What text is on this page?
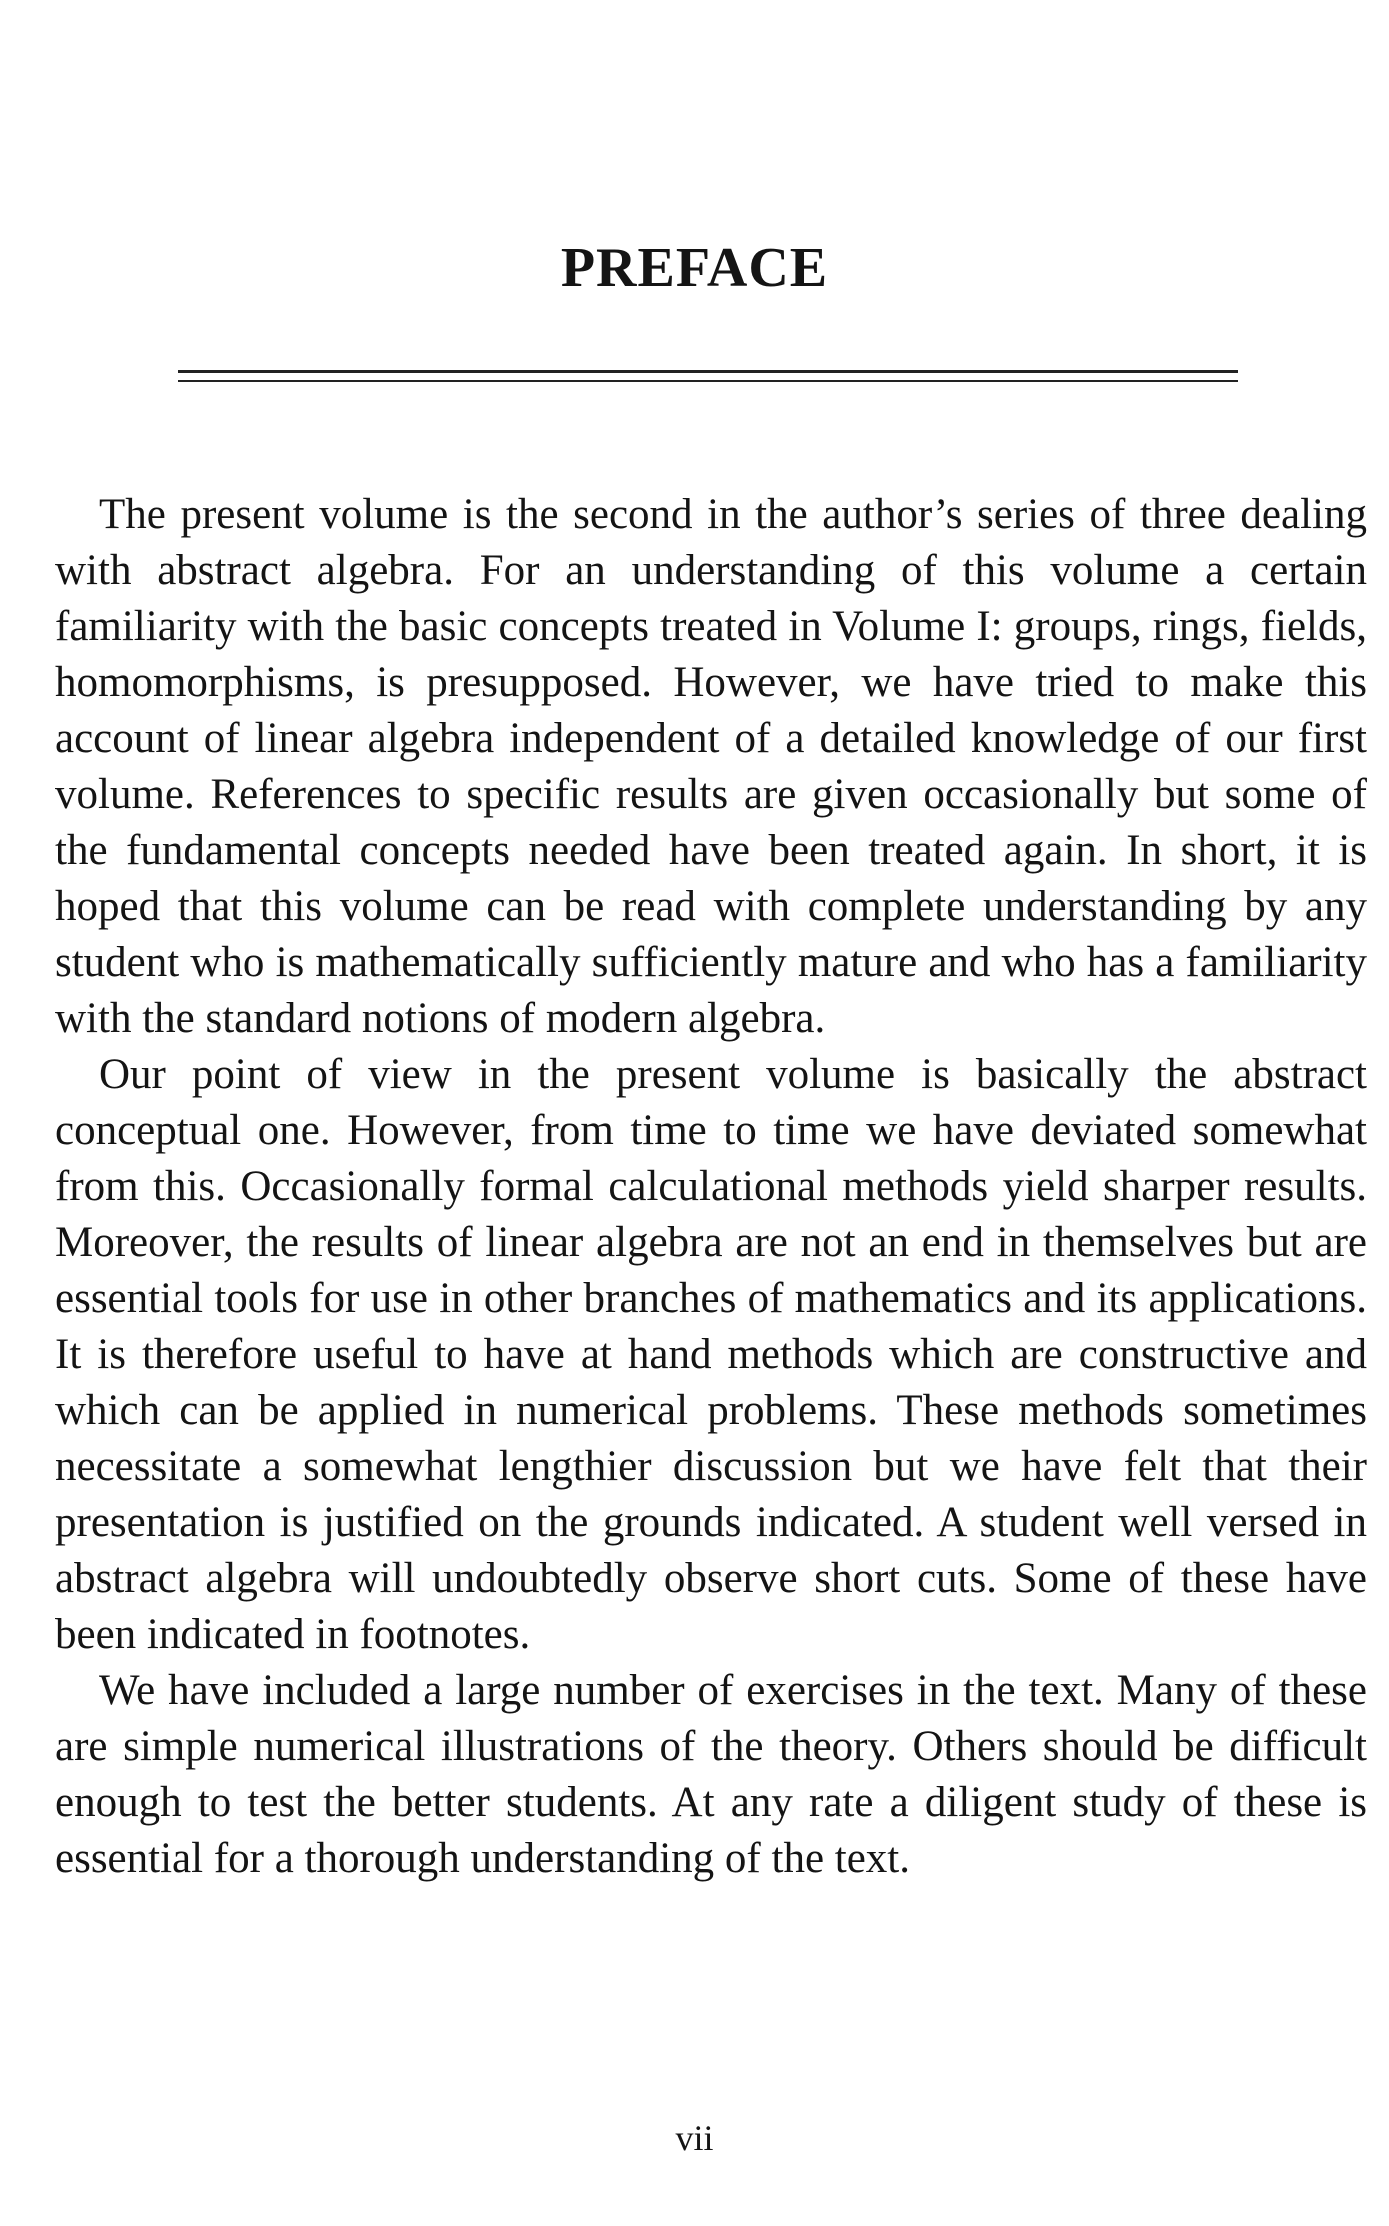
PREFACE

The present volume is the second in the author’s series of three dealing with abstract algebra. For an understanding of this volume a certain familiarity with the basic concepts treated in Volume I: groups, rings, fields, homomorphisms, is presupposed. However, we have tried to make this account of linear algebra independent of a detailed knowledge of our first volume. References to specific results are given occasionally but some of the fundamental concepts needed have been treated again. In short, it is hoped that this volume can be read with complete understanding by any student who is mathematically sufficiently mature and who has a familiarity with the standard notions of modern algebra.

Our point of view in the present volume is basically the abstract conceptual one. However, from time to time we have deviated somewhat from this. Occasionally formal calculational methods yield sharper results. Moreover, the results of linear algebra are not an end in themselves but are essential tools for use in other branches of mathematics and its applications. It is therefore useful to have at hand methods which are constructive and which can be applied in numerical problems. These methods sometimes necessitate a somewhat lengthier discussion but we have felt that their presentation is justified on the grounds indicated. A student well versed in abstract algebra will undoubtedly observe short cuts. Some of these have been indicated in footnotes.

We have included a large number of exercises in the text. Many of these are simple numerical illustrations of the theory. Others should be difficult enough to test the better students. At any rate a diligent study of these is essential for a thorough understanding of the text.

vii
